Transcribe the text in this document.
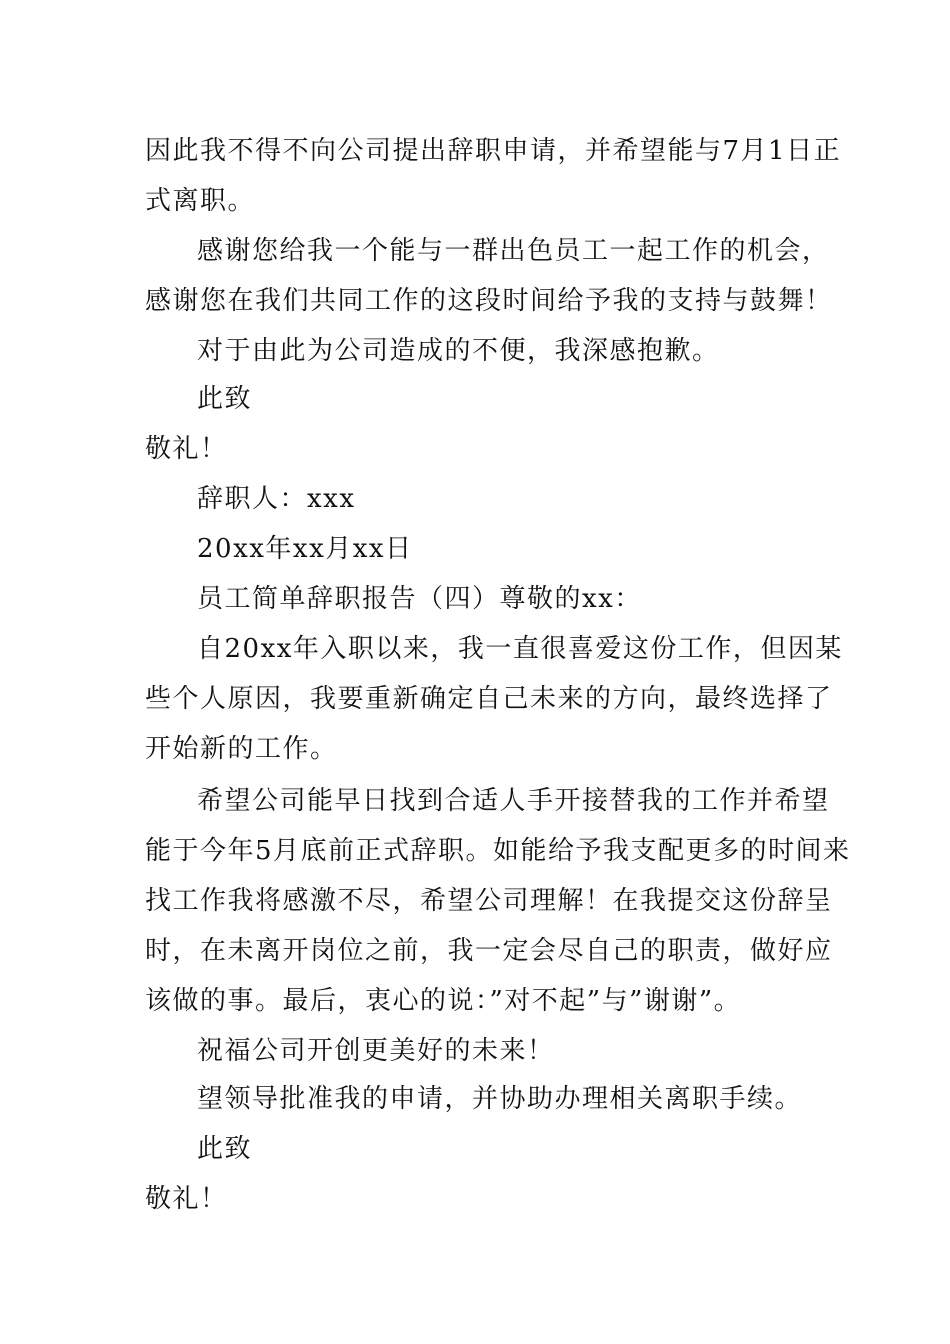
因此我不得不向公司提出辞职申请，并希望能与7月1日正
式离职。
感谢您给我一个能与一群出色员工一起工作的机会，
感谢您在我们共同工作的这段时间给予我的支持与鼓舞！
对于由此为公司造成的不便，我深感抱歉。
此致
敬礼！
辞职人：xxx
20xx年xx月xx日
员工简单辞职报告（四）尊敬的xx：
自20xx年入职以来，我一直很喜爱这份工作，但因某
些个人原因，我要重新确定自己未来的方向，最终选择了
开始新的工作。
希望公司能早日找到合适人手开接替我的工作并希望
能于今年5月底前正式辞职。如能给予我支配更多的时间来
找工作我将感激不尽，希望公司理解！在我提交这份辞呈
时，在未离开岗位之前，我一定会尽自己的职责，做好应
该做的事。最后，衷心的说：”对不起”与”谢谢”。
祝福公司开创更美好的未来！
望领导批准我的申请，并协助办理相关离职手续。
此致
敬礼！
